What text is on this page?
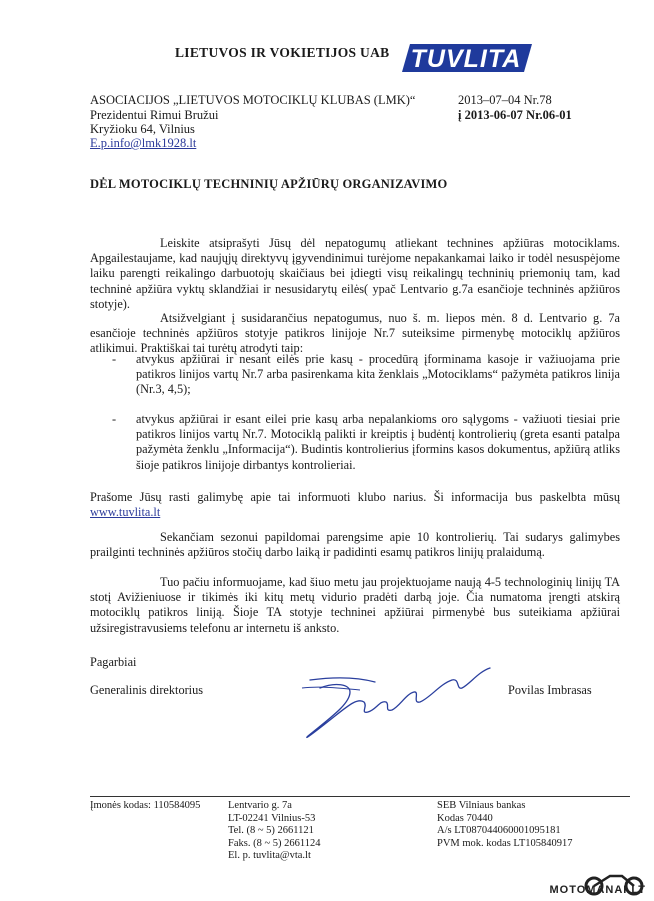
LIETUVOS IR VOKIETIJOS UAB TUVLITA
ASOCIACIJOS „LIETUVOS MOTOCIKLŲ KLUBAS (LMK)“
Prezidentui Rimui Bružui
Kryžioku 64, Vilnius
E.p.info@lmk1928.lt
2013–07–04 Nr.78
į 2013-06-07 Nr.06-01
DĖL MOTOCIKLŲ TECHNINIŲ APŽIŪRŲ ORGANIZAVIMO
Leiskite atsiprašyti Jūsų dėl nepatogumų atliekant technines apžiūras motociklams. Apgailestaujame, kad naujųjų direktyvų įgyvendinimui turėjome nepakankamai laiko ir todėl nesuspėjome laiku parengti reikalingo darbuotojų skaičiaus bei įdiegti visų reikalingų techninių priemonių tam, kad techninė apžiūra vyktų sklandžiai ir nesusidarytų eilės( ypač Lentvario g.7a esančioje techninės apžiūros stotyje).
Atsižvelgiant į susidarančius nepatogumus, nuo š. m. liepos mėn. 8 d. Lentvario g. 7a esančioje techninės apžiūros stotyje patikros linijoje Nr.7 suteiksime pirmenybę motociklų apžiūros atlikimui. Praktiškai tai turėtų atrodyti taip:
- atvykus apžiūrai ir nesant eilės prie kasų - procedūrą įforminama kasoje ir važiuojama prie patikros linijos vartų Nr.7 arba pasirenkama kita ženklais „Motociklams“ pažymėta patikros linija (Nr.3, 4,5);
- atvykus apžiūrai ir esant eilei prie kasų arba nepalankioms oro sąlygoms - važiuoti tiesiai prie patikros linijos vartų Nr.7. Motociklą palikti ir kreiptis į budėntį kontrolierių (greta esanti patalpa pažymėta ženklu „Informacija“). Budintis kontrolierius įformins kasos dokumentus, apžiūrą atliks šioje patikros linijoje dirbantys kontrolieriai.
Prašome Jūsų rasti galimybę apie tai informuoti klubo narius. Ši informacija bus paskelbta mūsų www.tuvlita.lt
Sekančiam sezonui papildomai parengsime apie 10 kontrolierių. Tai sudarys galimybes prailginti techninės apžiūros stočių darbo laiką ir padidinti esamų patikros linijų pralaidumą.
Tuo pačiu informuojame, kad šiuo metu jau projektuojame naują 4-5 technologinių linijų TA stotį Avižieniuose ir tikimės iki kitų metų vidurio pradėti darbą joje. Čia numatoma įrengti atskirą motociklų patikros liniją. Šioje TA stotyje techninei apžiūrai pirmenybė bus suteikiama apžiūrai užsiregistravusiems telefonu ar internetu iš anksto.
Pagarbiai
Generalinis direktorius	Povilas Imbrasas
Įmonės kodas: 110584095	Lentvario g. 7a
LT-02241 Vilnius-53
Tel. (8 ~ 5) 2661121
Faks. (8 ~ 5) 2661124
El. p. tuvlita@vta.lt
SEB Vilniaus bankas
Kodas 70440
A/s LT087044060001095181
PVM mok. kodas LT105840917
MOTOMANAI.LT
